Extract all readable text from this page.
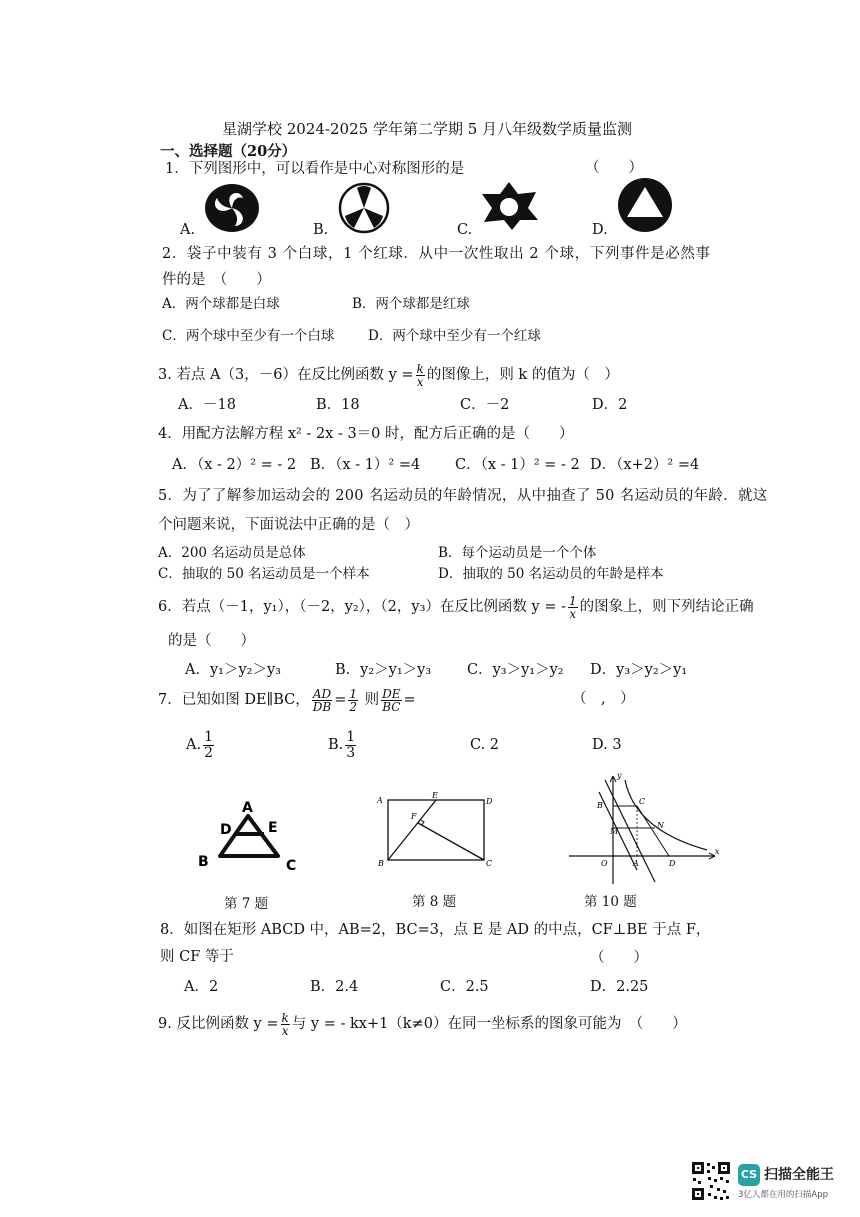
星湖学校 2024-2025 学年第二学期 5 月八年级数学质量监测
一、选择题（20分）
1．下列图形中，可以看作是中心对称图形的是	（　　）
A.	B.	C.	D.
2．袋子中装有 3 个白球，1 个红球．从中一次性取出 2 个球，下列事件是必然事
件的是　（　　）
A．两个球都是白球	B．两个球都是红球
C．两个球中至少有一个白球 D．两个球中至少有一个红球
3. 若点 A（3，－6）在反比例函数 $y = \frac{k}{x}$ 的图像上，则 k 的值为（　）
A．－18	B．18	C．－2	D．2
4．用配方法解方程 x² - 2x - 3＝0 时，配方后正确的是（　　）
A．（x - 2）² = - 2 B．（x - 1）² =4 C．（x - 1）² = - 2 D．（x+2）² =4
5．为了了解参加运动会的 200 名运动员的年龄情况，从中抽查了 50 名运动员的年龄．就这
个问题来说，下面说法中正确的是（　）
A．200 名运动员是总体	B．每个运动员是一个个体
C．抽取的 50 名运动员是一个样本	D．抽取的 50 名运动员的年龄是样本
6．若点（－1，y₁），（－2，y₂），（2，y₃）在反比例函数 y = - $\frac{1}{x}$ 的图象上，则下列结论正确
的是（　　）
A．y₁＞y₂＞y₃	B．y₂＞y₁＞y₃ C．y₃＞y₁＞y₂ D．y₃＞y₂＞y₁
7．已知如图 DE∥BC， $\frac{AD}{DB} = \frac{1}{2}$ 则 $\frac{DE}{BC}$ =	（　,　）
A. $\frac{1}{2}$	B. $\frac{1}{3}$	C. 2	D. 3
A
D	E
B	C
第 7 题
A
E
D
F
B	C
第 8 题
y
B	C
M
N
O	A	D
x
第 10 题
8．如图在矩形 ABCD 中，AB=2，BC=3，点 E 是 AD 的中点，CF⊥BE 于点 F，
则 CF 等于	（　　）
A．2	B．2.4	C．2.5	D．2.25
9. 反比例函数 $y = \frac{k}{x}$ 与 y = - kx+1（k≠0）在同一坐标系的图象可能为　（　　）
CS 扫描全能王
3亿人都在用的扫描App
